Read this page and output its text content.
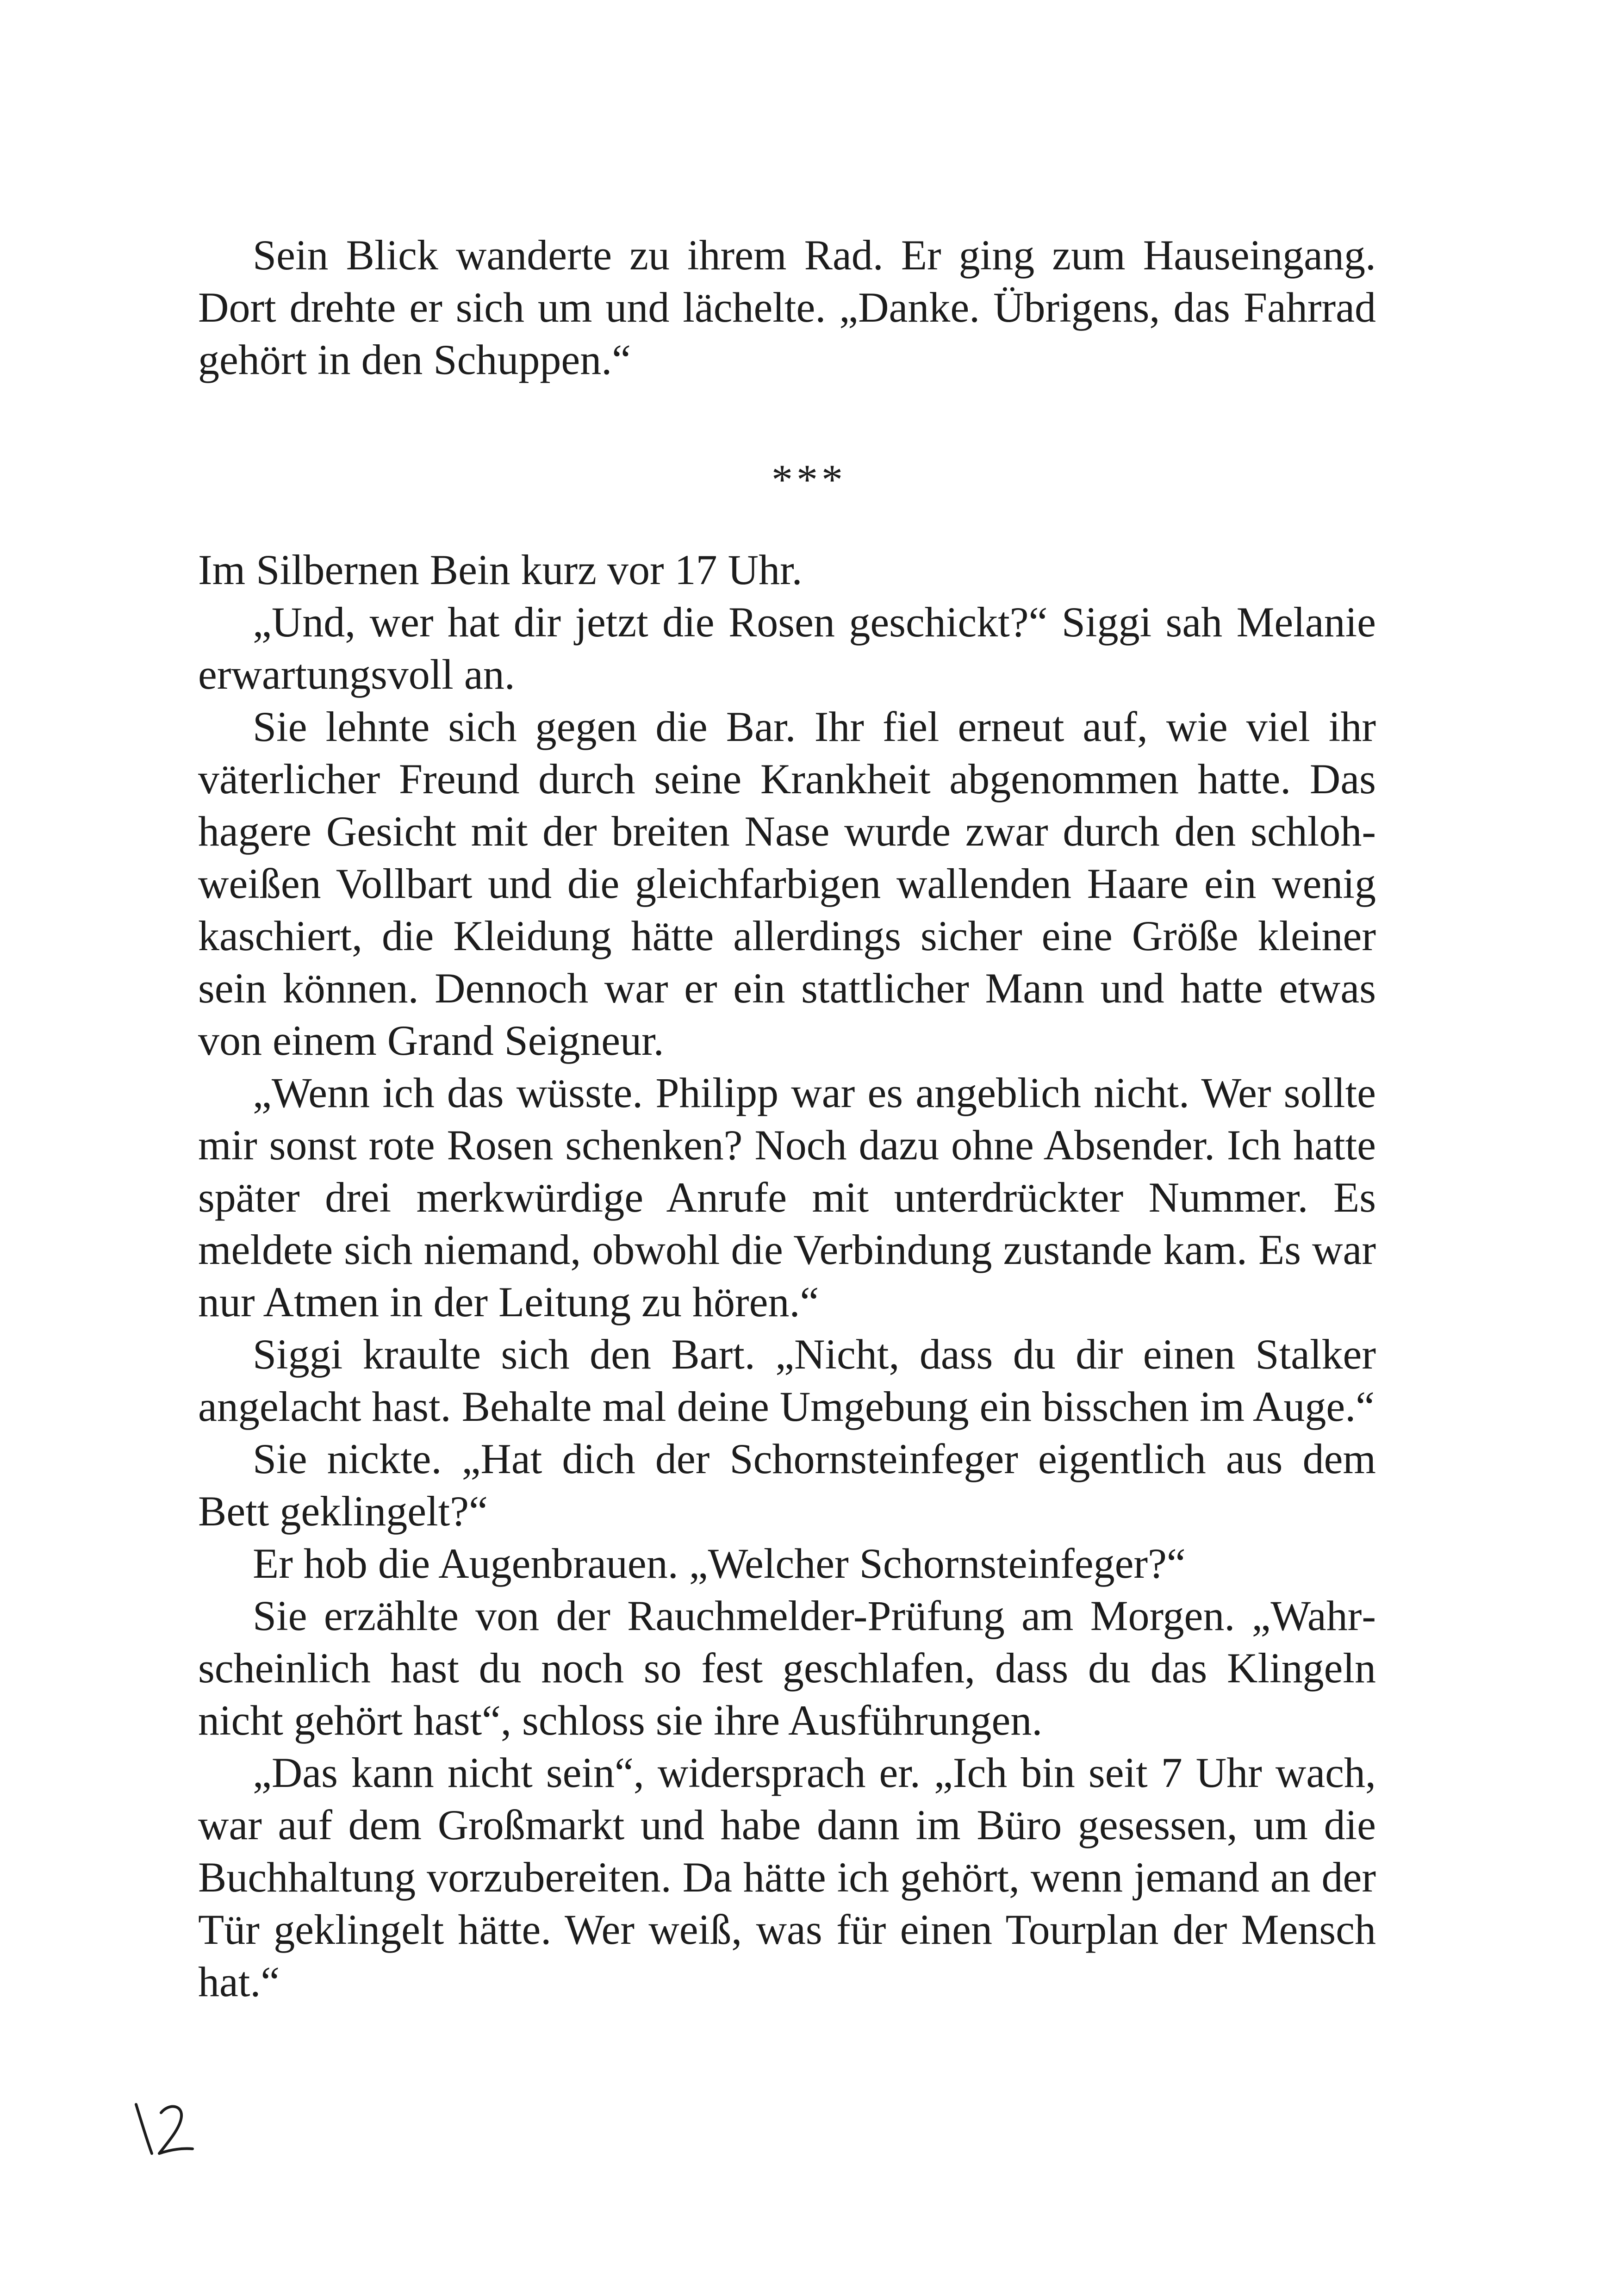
Sein Blick wanderte zu ihrem Rad. Er ging zum Hauseingang. Dort drehte er sich um und lächelte. „Danke. Übrigens, das Fahrrad gehört in den Schuppen.“

***

Im Silbernen Bein kurz vor 17 Uhr.

„Und, wer hat dir jetzt die Rosen geschickt?“ Siggi sah Melanie erwartungsvoll an.

Sie lehnte sich gegen die Bar. Ihr fiel erneut auf, wie viel ihr väterlicher Freund durch seine Krankheit abgenommen hatte. Das hagere Gesicht mit der breiten Nase wurde zwar durch den schlohweißen Vollbart und die gleichfarbigen wallenden Haare ein wenig kaschiert, die Kleidung hätte allerdings sicher eine Größe kleiner sein können. Dennoch war er ein stattlicher Mann und hatte etwas von einem Grand Seigneur.

„Wenn ich das wüsste. Philipp war es angeblich nicht. Wer sollte mir sonst rote Rosen schenken? Noch dazu ohne Absender. Ich hatte später drei merkwürdige Anrufe mit unterdrückter Nummer. Es meldete sich niemand, obwohl die Verbindung zustande kam. Es war nur Atmen in der Leitung zu hören.“

Siggi kraulte sich den Bart. „Nicht, dass du dir einen Stalker angelacht hast. Behalte mal deine Umgebung ein bisschen im Auge.“

Sie nickte. „Hat dich der Schornsteinfeger eigentlich aus dem Bett geklingelt?“

Er hob die Augenbrauen. „Welcher Schornsteinfeger?“

Sie erzählte von der Rauchmelder-Prüfung am Morgen. „Wahrscheinlich hast du noch so fest geschlafen, dass du das Klingeln nicht gehört hast“, schloss sie ihre Ausführungen.

„Das kann nicht sein“, widersprach er. „Ich bin seit 7 Uhr wach, war auf dem Großmarkt und habe dann im Büro gesessen, um die Buchhaltung vorzubereiten. Da hätte ich gehört, wenn jemand an der Tür geklingelt hätte. Wer weiß, was für einen Tourplan der Mensch hat.“
